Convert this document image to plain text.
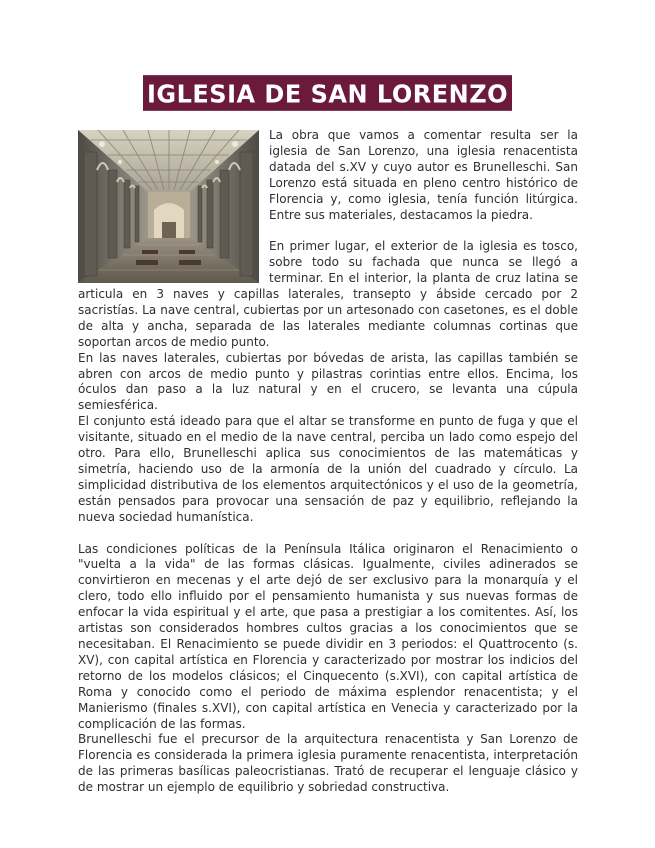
IGLESIA DE SAN LORENZO

La obra que vamos a comentar resulta ser la iglesia de San Lorenzo, una iglesia renacentista datada del s.XV y cuyo autor es Brunelleschi. San Lorenzo está situada en pleno centro histórico de Florencia y, como iglesia, tenía función litúrgica. Entre sus materiales, destacamos la piedra.

En primer lugar, el exterior de la iglesia es tosco, sobre todo su fachada que nunca se llegó a terminar. En el interior, la planta de cruz latina se articula en 3 naves y capillas laterales, transepto y ábside cercado por 2 sacristías. La nave central, cubiertas por un artesonado con casetones, es el doble de alta y ancha, separada de las laterales mediante columnas cortinas que soportan arcos de medio punto.

En las naves laterales, cubiertas por bóvedas de arista, las capillas también se abren con arcos de medio punto y pilastras corintias entre ellos. Encima, los óculos dan paso a la luz natural y en el crucero, se levanta una cúpula semiesférica.

El conjunto está ideado para que el altar se transforme en punto de fuga y que el visitante, situado en el medio de la nave central, perciba un lado como espejo del otro. Para ello, Brunelleschi aplica sus conocimientos de las matemáticas y simetría, haciendo uso de la armonía de la unión del cuadrado y círculo. La simplicidad distributiva de los elementos arquitectónicos y el uso de la geometría, están pensados para provocar una sensación de paz y equilibrio, reflejando la nueva sociedad humanística.

Las condiciones políticas de la Península Itálica originaron el Renacimiento o "vuelta a la vida" de las formas clásicas. Igualmente, civiles adinerados se convirtieron en mecenas y el arte dejó de ser exclusivo para la monarquía y el clero, todo ello influido por el pensamiento humanista y sus nuevas formas de enfocar la vida espiritual y el arte, que pasa a prestigiar a los comitentes. Así, los artistas son considerados hombres cultos gracias a los conocimientos que se necesitaban. El Renacimiento se puede dividir en 3 periodos: el Quattrocento (s. XV), con capital artística en Florencia y caracterizado por mostrar los indicios del retorno de los modelos clásicos; el Cinquecento (s.XVI), con capital artística de Roma y conocido como el periodo de máxima esplendor renacentista; y el Manierismo (finales s.XVI), con capital artística en Venecia y caracterizado por la complicación de las formas.

Brunelleschi fue el precursor de la arquitectura renacentista y San Lorenzo de Florencia es considerada la primera iglesia puramente renacentista, interpretación de las primeras basílicas paleocristianas. Trató de recuperar el lenguaje clásico y de mostrar un ejemplo de equilibrio y sobriedad constructiva.
